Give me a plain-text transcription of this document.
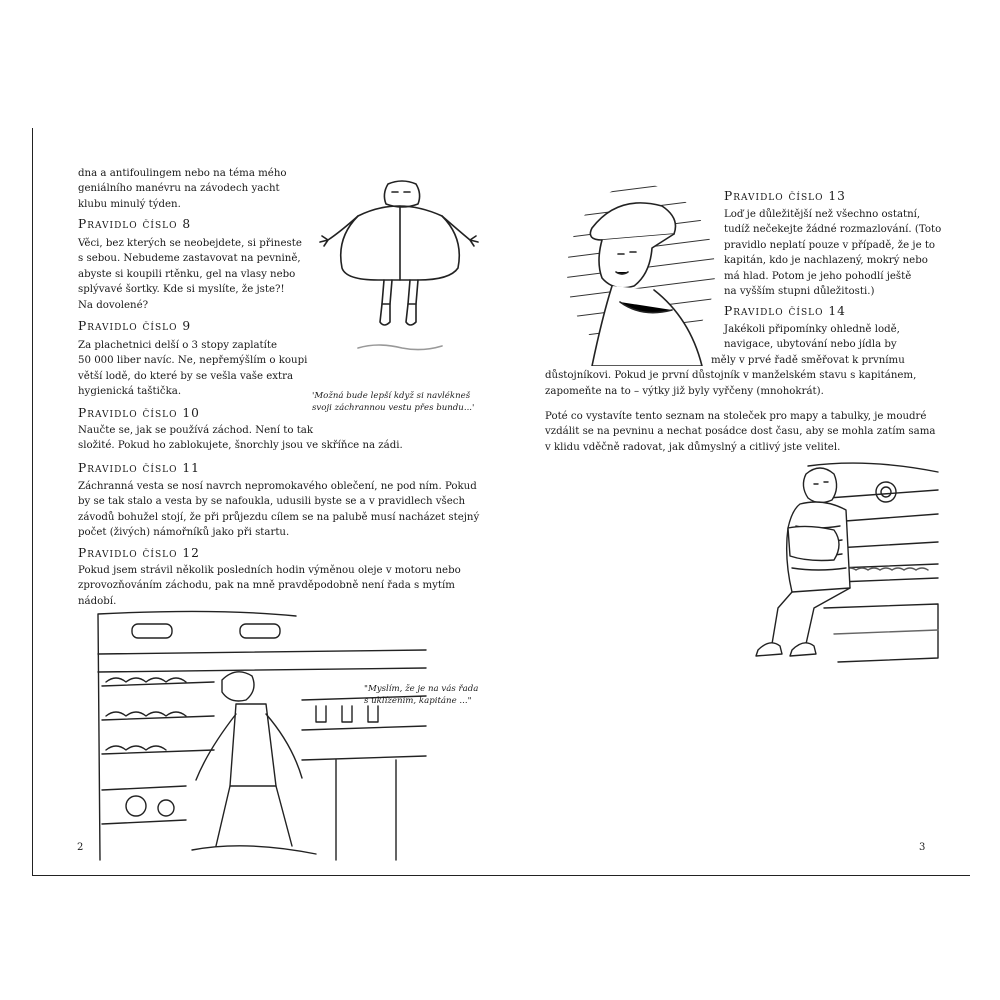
dna a antifoulingem nebo na téma mého
geniálního manévru na závodech yacht
klubu minulý týden.

Pravidlo číslo 8

Věci, bez kterých se neobejdete, si přineste
s sebou. Nebudeme zastavovat na pevnině,
abyste si koupili rtěnku, gel na vlasy nebo
splývavé šortky. Kde si myslíte, že jste?!
Na dovolené?

Pravidlo číslo 9

Za plachetnici delší o 3 stopy zaplatíte
50 000 liber navíc. Ne, nepřemýšlím o koupi
větší lodě, do které by se vešla vaše extra
hygienická taštička.

Pravidlo číslo 10

Naučte se, jak se používá záchod. Není to tak
složité. Pokud ho zablokujete, šnorchly jsou ve skříňce na zádi.

Pravidlo číslo 11

Záchranná vesta se nosí navrch nepromokavého oblečení, ne pod ním. Pokud
by se tak stalo a vesta by se nafoukla, udusili byste se a v pravidlech všech
závodů bohužel stojí, že při průjezdu cílem se na palubě musí nacházet stejný
počet (živých) námořníků jako při startu.

Pravidlo číslo 12

Pokud jsem strávil několik posledních hodin výměnou oleje v motoru nebo
zprovozňováním záchodu, pak na mně pravděpodobně není řada s mytím
nádobí.

'Možná bude lepší když si navlékneš
svoji záchrannou vestu přes bundu...'

"Myslím, že je na vás řada
s uklízením, kapitáne ..."

2
Pravidlo číslo 13

Loď je důležitější než všechno ostatní,
tudíž nečekejte žádné rozmazlování. (Toto
pravidlo neplatí pouze v případě, že je to
kapitán, kdo je nachlazený, mokrý nebo
má hlad. Potom je jeho pohodlí ještě
na vyšším stupni důležitosti.)

Pravidlo číslo 14

Jakékoli připomínky ohledně lodě,
navigace, ubytování nebo jídla by
měly v prvé řadě směřovat k prvnímu
důstojníkovi. Pokud je první důstojník v manželském stavu s kapitánem,
zapomeňte na to – výtky již byly vyřčeny (mnohokrát).

Poté co vystavíte tento seznam na stoleček pro mapy a tabulky, je moudré
vzdálit se na pevninu a nechat posádce dost času, aby se mohla zatím sama
v klidu vděčně radovat, jak důmyslný a citlivý jste velitel.

3
